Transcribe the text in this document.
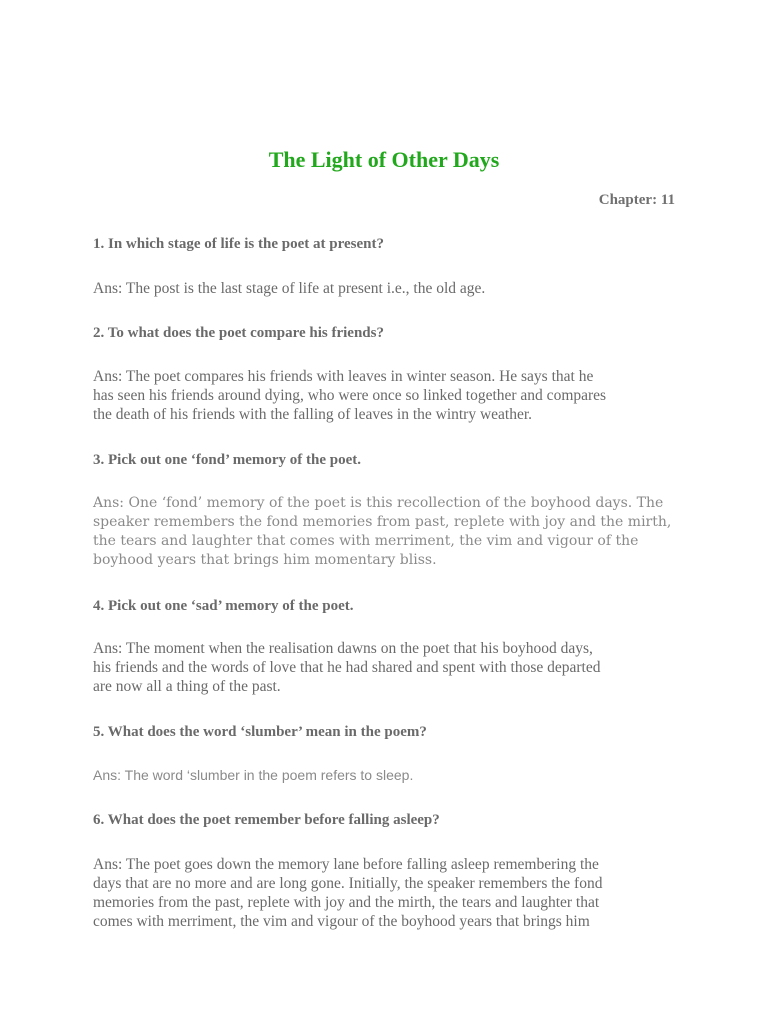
The Light of Other Days

Chapter: 11

1. In which stage of life is the poet at present?

Ans: The post is the last stage of life at present i.e., the old age.

2. To what does the poet compare his friends?

Ans: The poet compares his friends with leaves in winter season. He says that he
has seen his friends around dying, who were once so linked together and compares
the death of his friends with the falling of leaves in the wintry weather.

3. Pick out one ‘fond’ memory of the poet.

Ans: One ‘fond’ memory of the poet is this recollection of the boyhood days. The
speaker remembers the fond memories from past, replete with joy and the mirth,
the tears and laughter that comes with merriment, the vim and vigour of the
boyhood years that brings him momentary bliss.

4. Pick out one ‘sad’ memory of the poet.

Ans: The moment when the realisation dawns on the poet that his boyhood days,
his friends and the words of love that he had shared and spent with those departed
are now all a thing of the past.

5. What does the word ‘slumber’ mean in the poem?

Ans: The word ‘slumber in the poem refers to sleep.

6. What does the poet remember before falling asleep?

Ans: The poet goes down the memory lane before falling asleep remembering the
days that are no more and are long gone. Initially, the speaker remembers the fond
memories from the past, replete with joy and the mirth, the tears and laughter that
comes with merriment, the vim and vigour of the boyhood years that brings him
